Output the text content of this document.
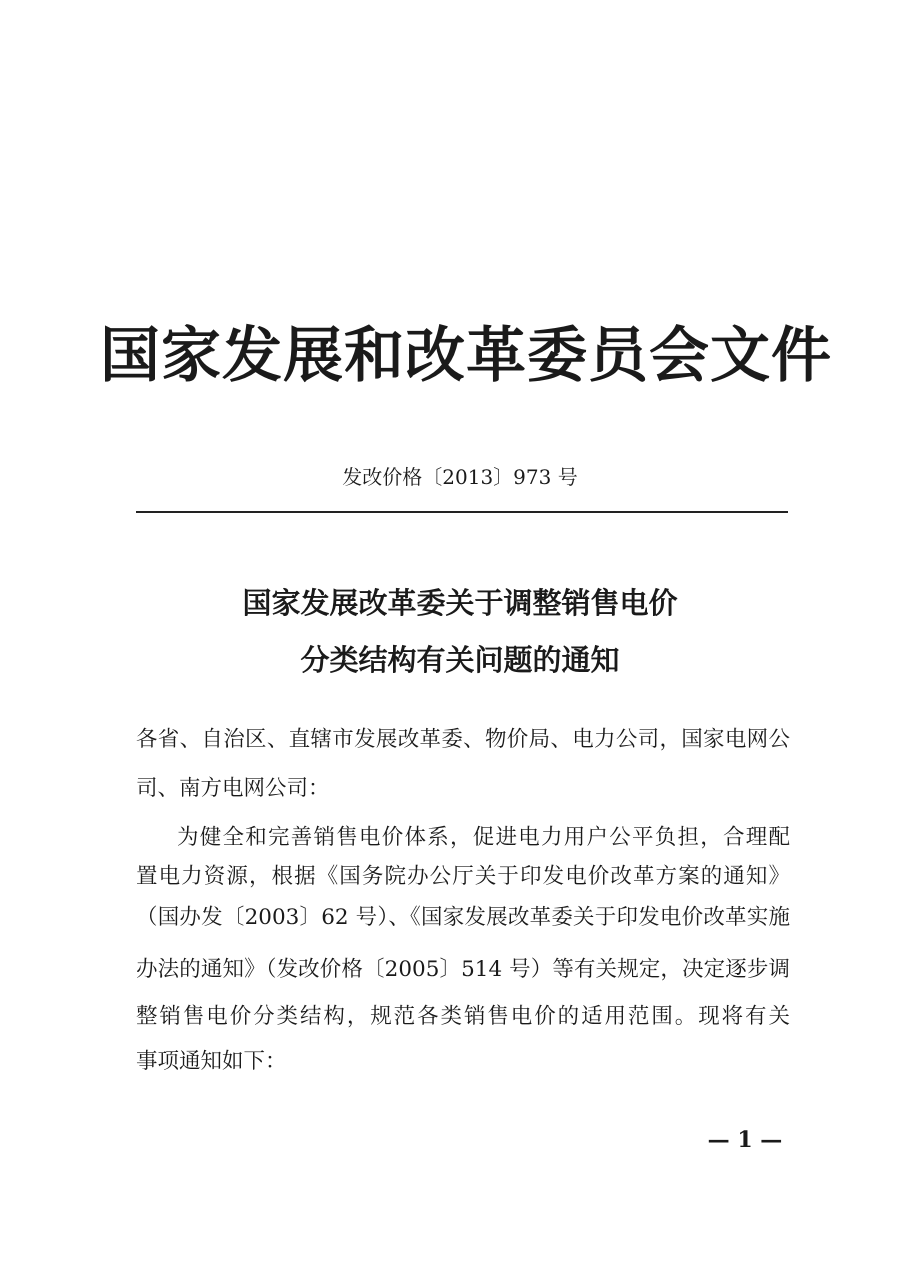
国家发展和改革委员会文件
发改价格〔2013〕973 号
国家发展改革委关于调整销售电价
分类结构有关问题的通知
各省、自治区、直辖市发展改革委、物价局、电力公司，国家电网公
司、南方电网公司：
为健全和完善销售电价体系，促进电力用户公平负担，合理配
置电力资源，根据《国务院办公厅关于印发电价改革方案的通知》
（国办发〔2003〕62 号）、《国家发展改革委关于印发电价改革实施
办法的通知》（发改价格〔2005〕514 号）等有关规定，决定逐步调
整销售电价分类结构，规范各类销售电价的适用范围。现将有关
事项通知如下：
— 1 —
